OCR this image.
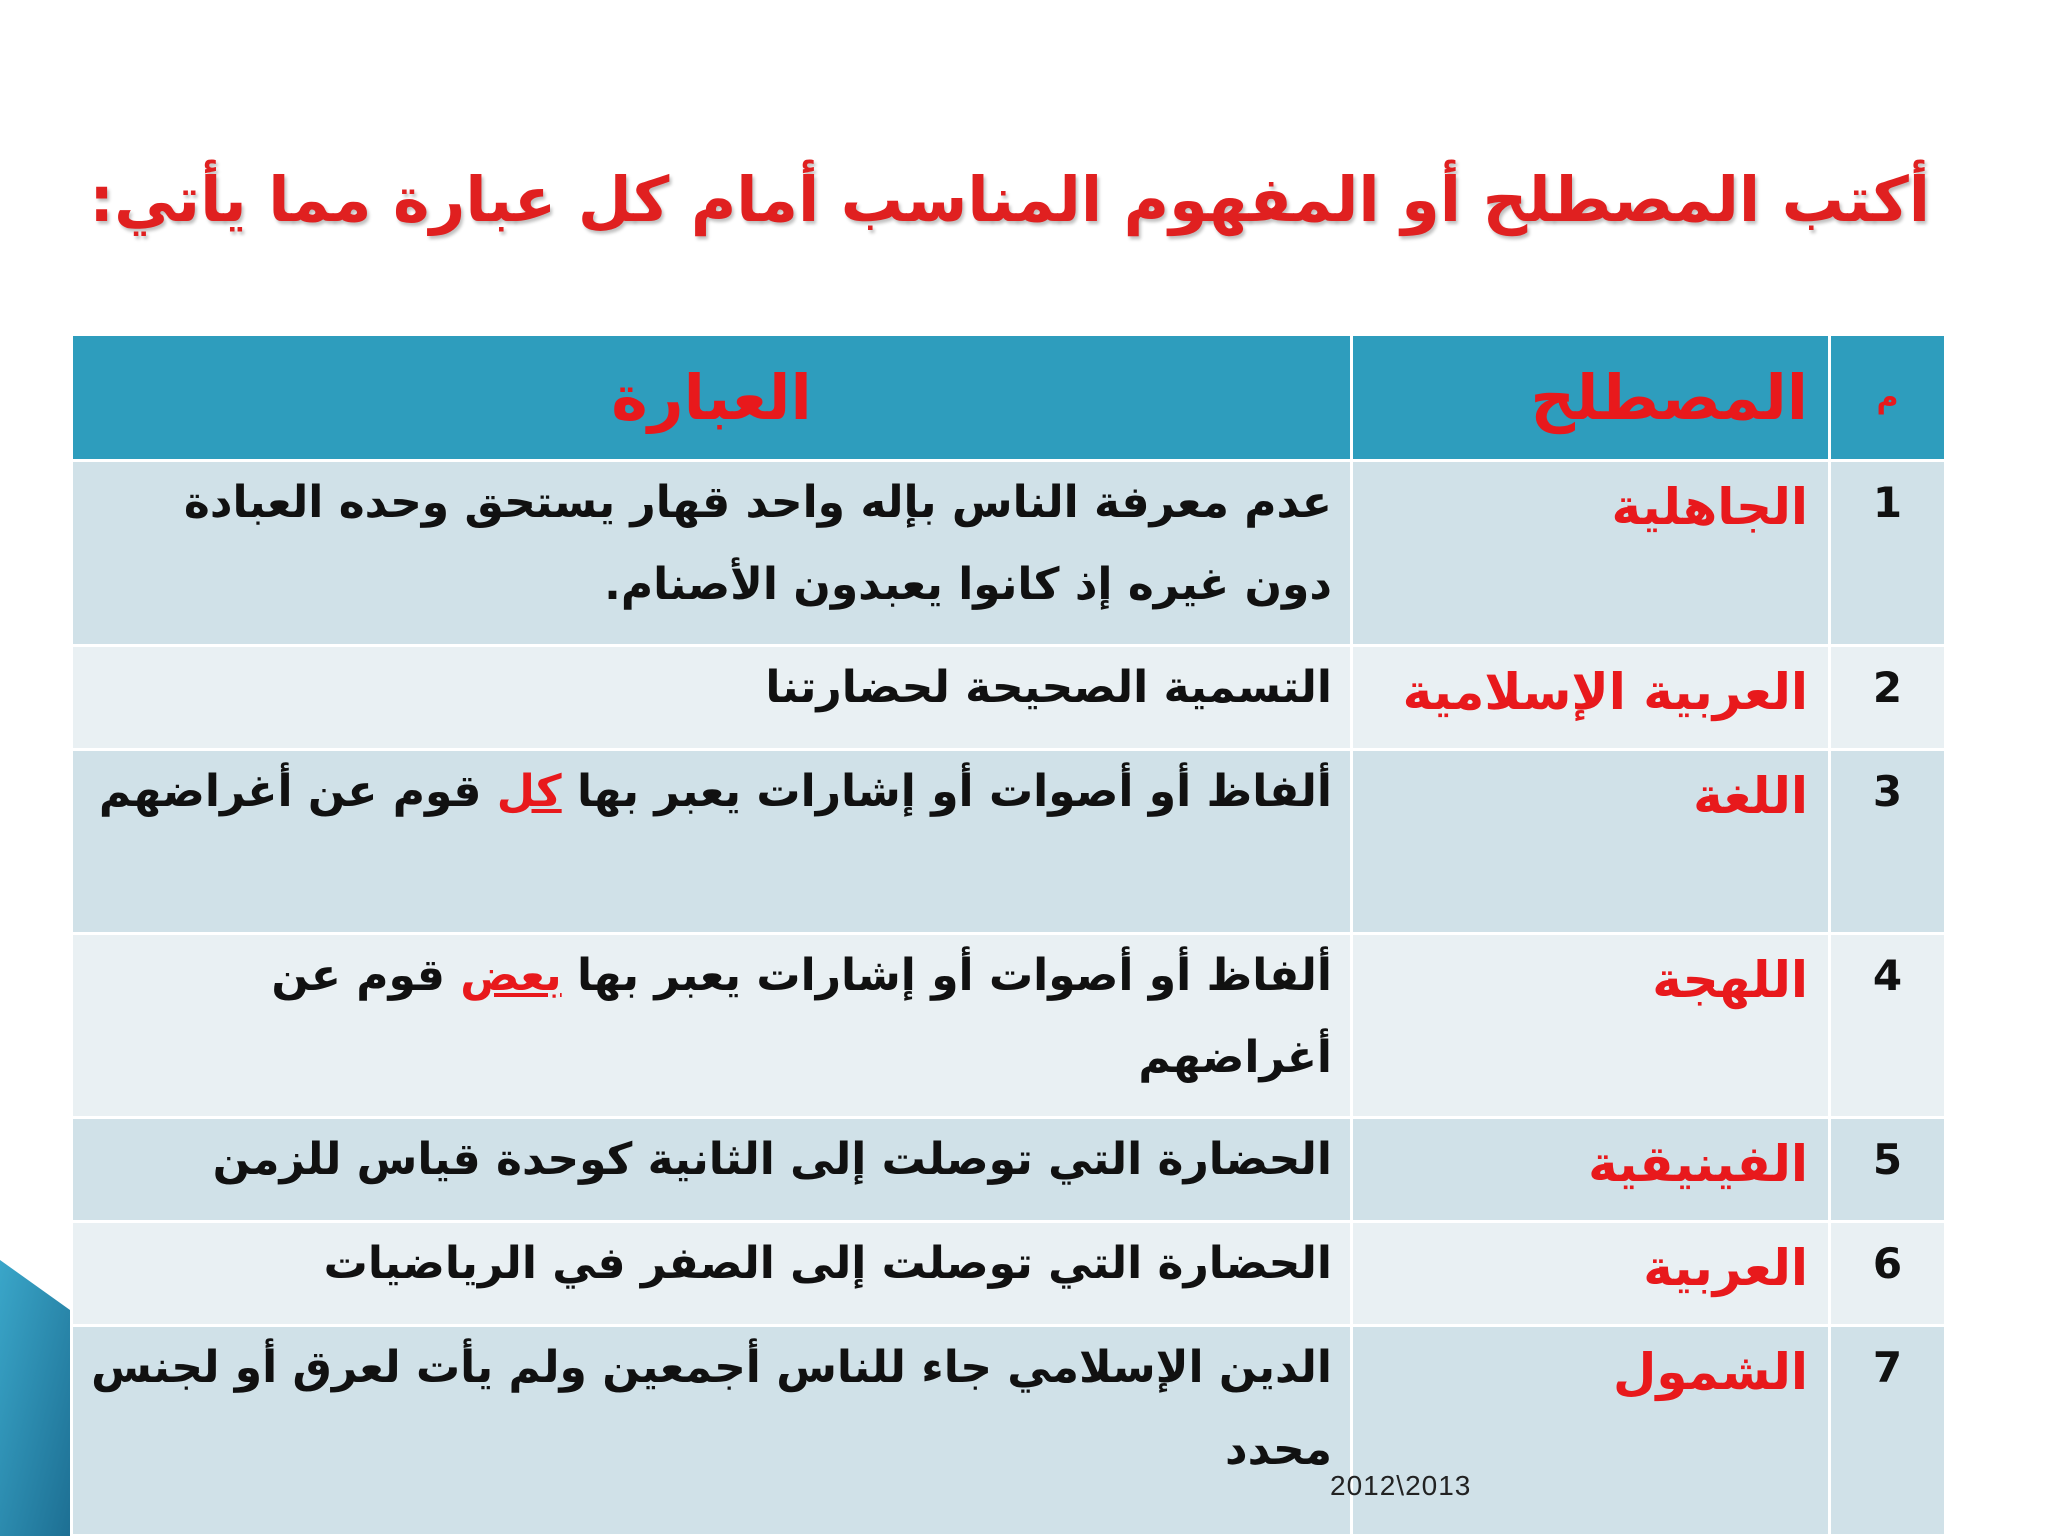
أكتب المصطلح أو المفهوم المناسب أمام كل عبارة مما يأتي:
م	المصطلح	العبارة
1	الجاهلية	عدم معرفة الناس بإله واحد قهار يستحق وحده العبادة دون غيره إذ كانوا يعبدون الأصنام.
2	العربية الإسلامية	التسمية الصحيحة لحضارتنا
3	اللغة	ألفاظ أو أصوات أو إشارات يعبر بها كل قوم عن أغراضهم
4	اللهجة	ألفاظ أو أصوات أو إشارات يعبر بها بعض قوم عن أغراضهم
5	الفينيقية	الحضارة التي توصلت إلى الثانية كوحدة قياس للزمن
6	العربية	الحضارة التي توصلت إلى الصفر في الرياضيات
7	الشمول	الدين الإسلامي جاء للناس أجمعين ولم يأت لعرق أو لجنس محدد
2012\2013
